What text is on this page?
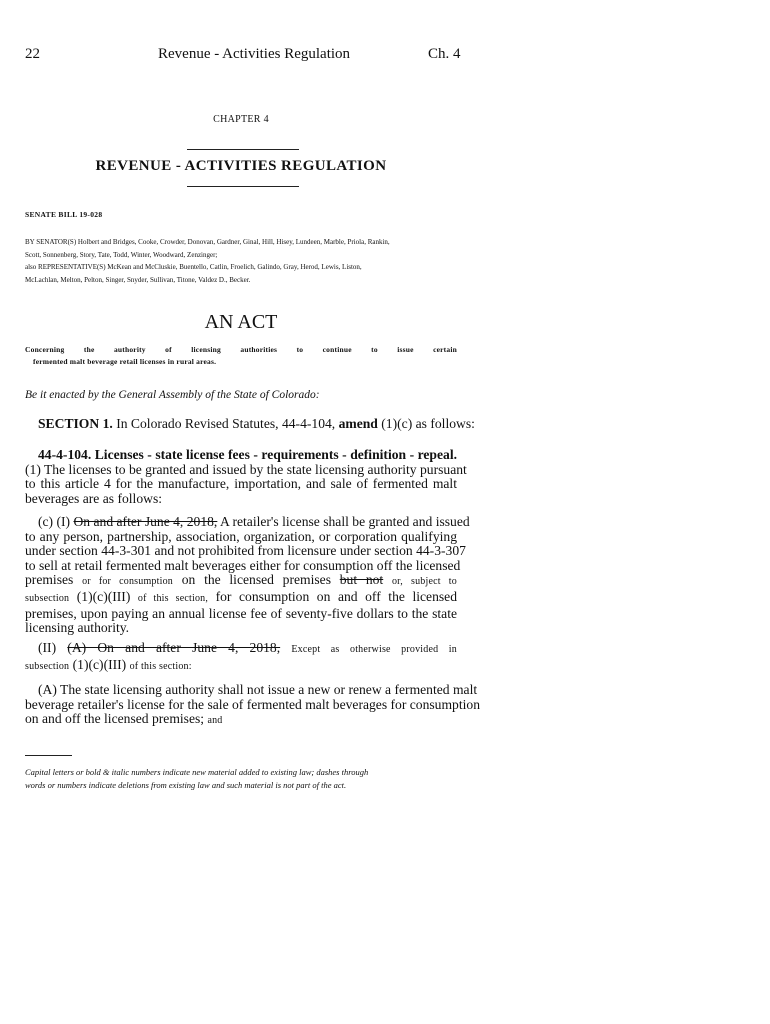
22	Revenue - Activities Regulation	Ch. 4
CHAPTER 4
REVENUE - ACTIVITIES REGULATION
SENATE BILL 19-028
BY SENATOR(S) Holbert and Bridges, Cooke, Crowder, Donovan, Gardner, Ginal, Hill, Hisey, Lundeen, Marble, Priola, Rankin,
Scott, Sonnenberg, Story, Tate, Todd, Winter, Woodward, Zenzinger;
also REPRESENTATIVE(S) McKean and McCluskie, Buentello, Catlin, Froelich, Galindo, Gray, Herod, Lewis, Liston,
McLachlan, Melton, Pelton, Singer, Snyder, Sullivan, Titone, Valdez D., Becker.
AN ACT
Concerning the authority of licensing authorities to continue to issue certain
fermented malt beverage retail licenses in rural areas.
Be it enacted by the General Assembly of the State of Colorado:
SECTION 1. In Colorado Revised Statutes, 44-4-104, amend (1)(c) as follows:
44-4-104. Licenses - state license fees - requirements - definition - repeal.
(1) The licenses to be granted and issued by the state licensing authority pursuant
to this article 4 for the manufacture, importation, and sale of fermented malt
beverages are as follows:
(c) (I) On and after June 4, 2018, A retailer's license shall be granted and issued
to any person, partnership, association, organization, or corporation qualifying
under section 44-3-301 and not prohibited from licensure under section 44-3-307
to sell at retail fermented malt beverages either for consumption off the licensed
premises or for consumption on the licensed premises but not or, subject to
subsection (1)(c)(III) of this section, for consumption on and off the licensed
premises, upon paying an annual license fee of seventy-five dollars to the state
licensing authority.
(II) (A) On and after June 4, 2018, Except as otherwise provided in
subsection (1)(c)(III) of this section:
(A) The state licensing authority shall not issue a new or renew a fermented malt
beverage retailer's license for the sale of fermented malt beverages for consumption
on and off the licensed premises; and
Capital letters or bold & italic numbers indicate new material added to existing law; dashes through
words or numbers indicate deletions from existing law and such material is not part of the act.
